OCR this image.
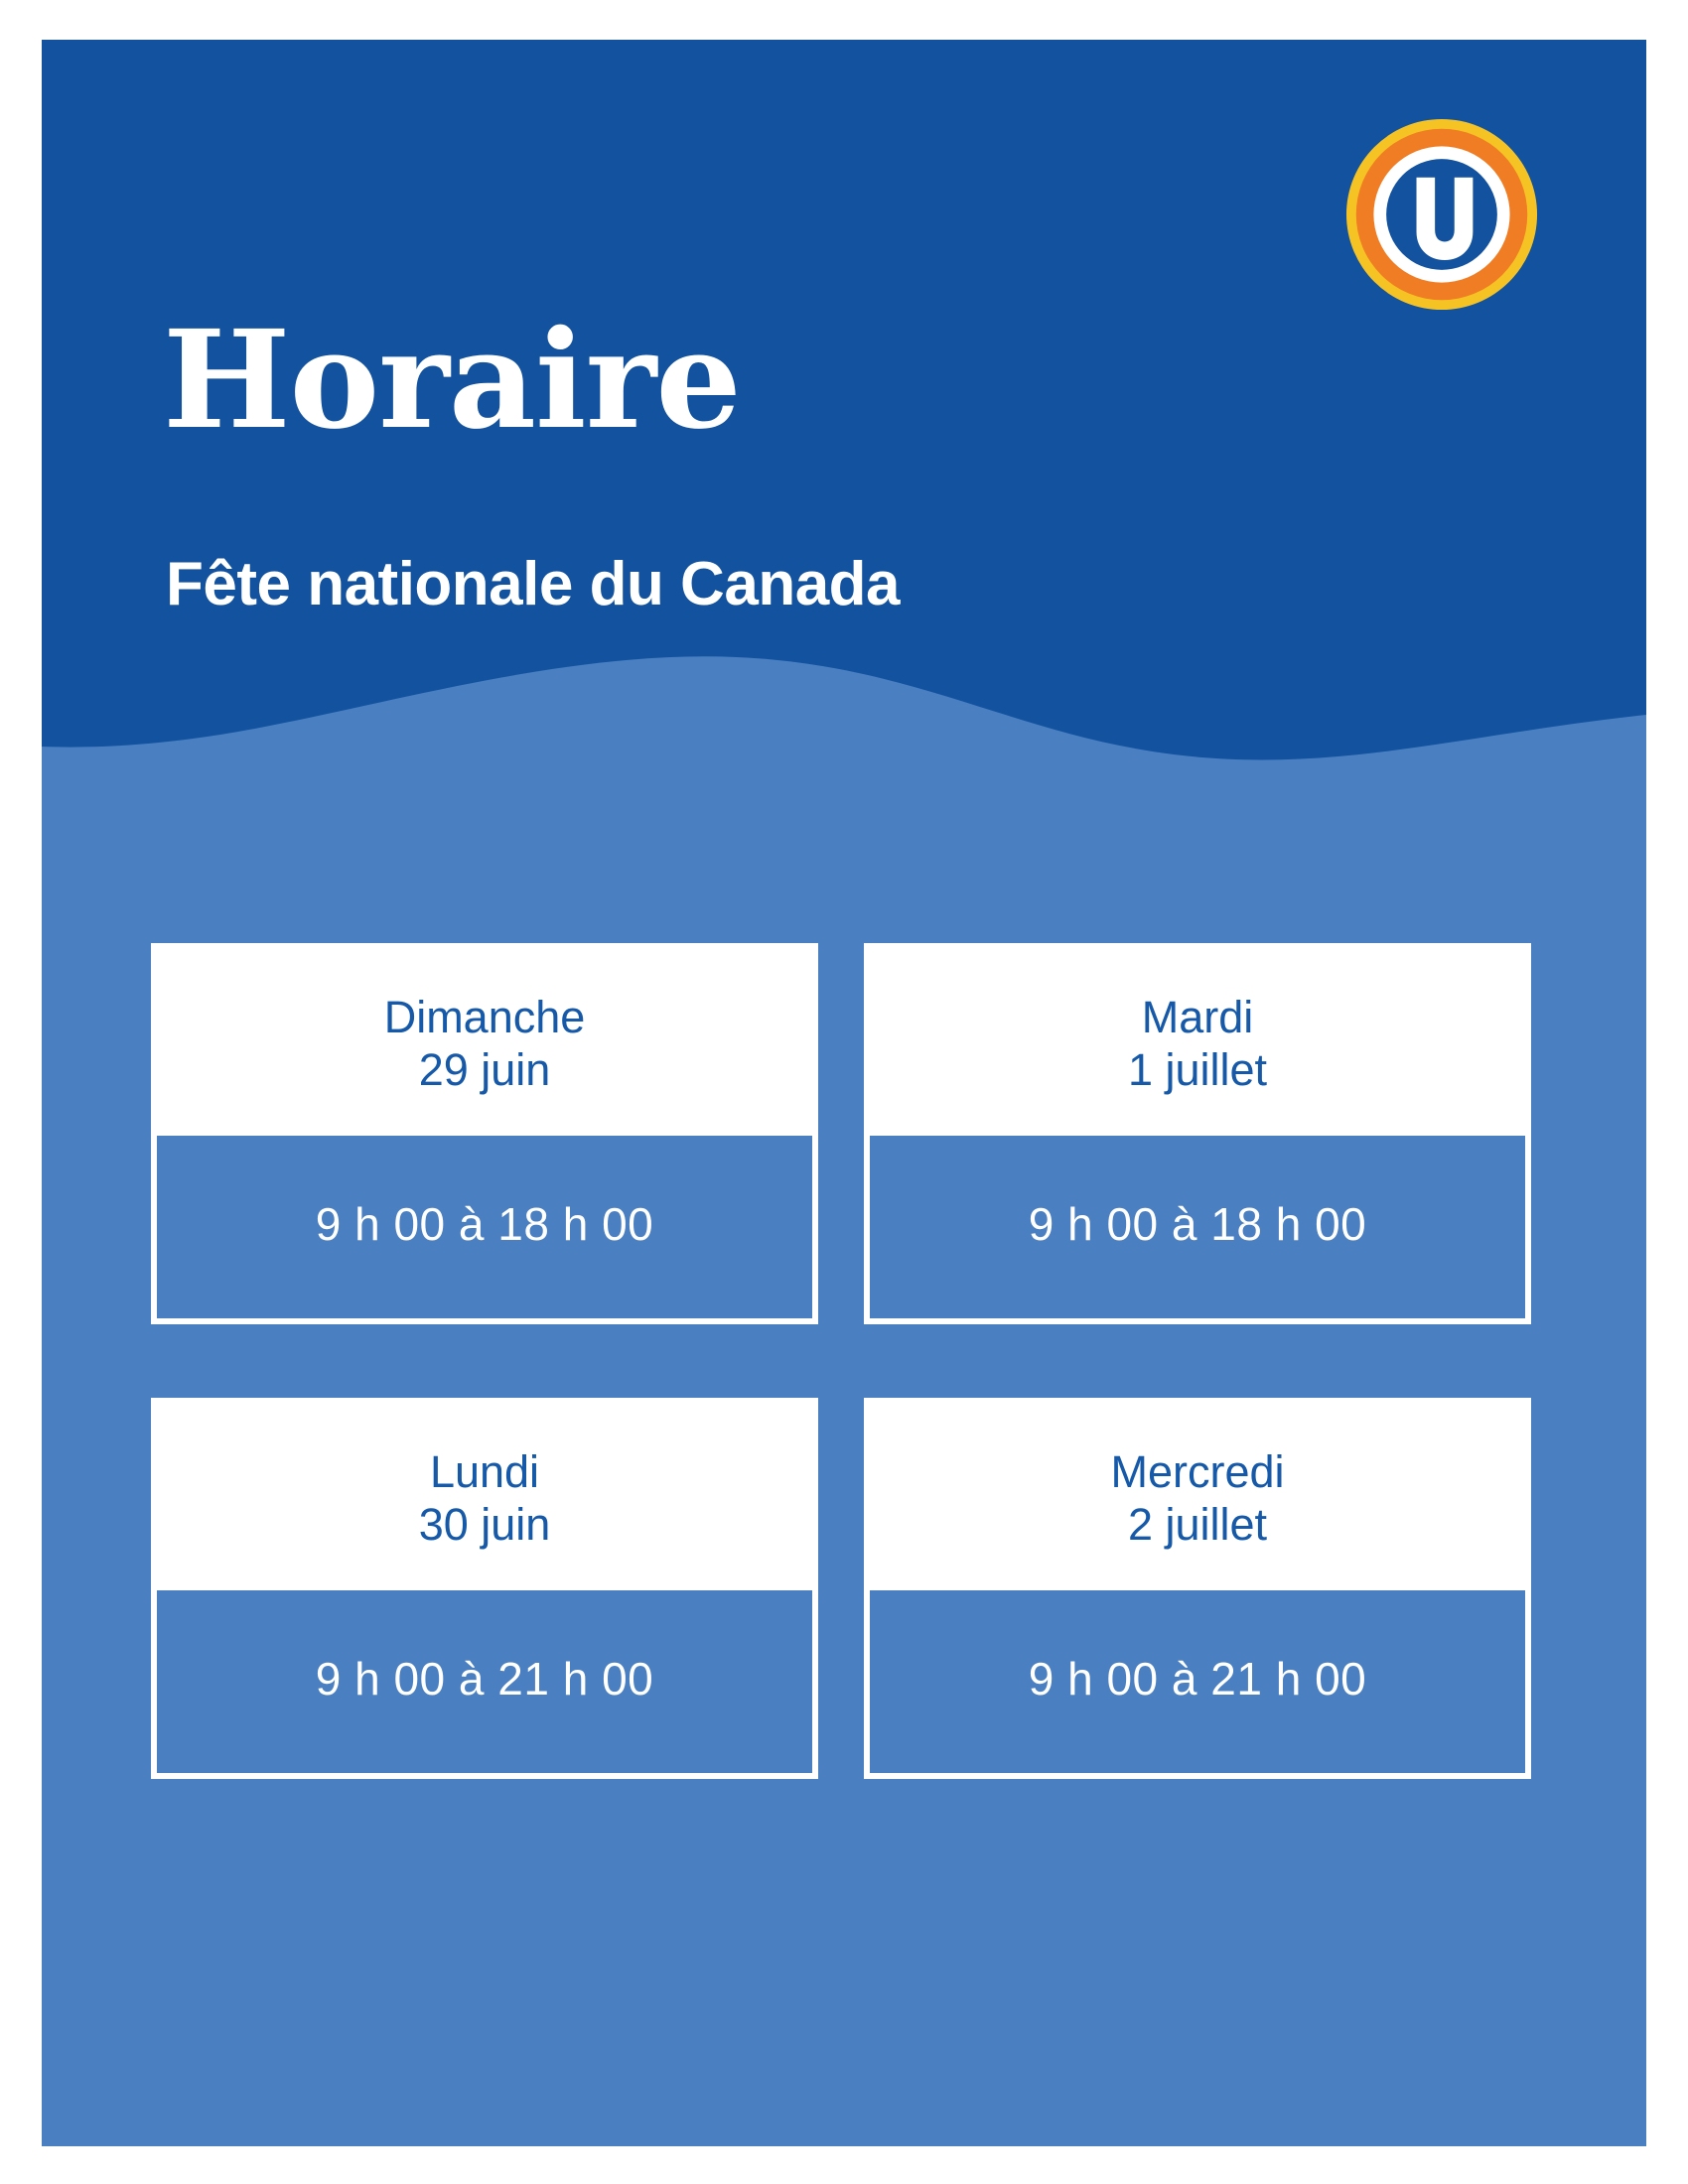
Horaire
Fête nationale du Canada
Dimanche
29 juin
9 h 00 à 18 h 00
Mardi
1 juillet
9 h 00 à 18 h 00
Lundi
30 juin
9 h 00 à 21 h 00
Mercredi
2 juillet
9 h 00 à 21 h 00
